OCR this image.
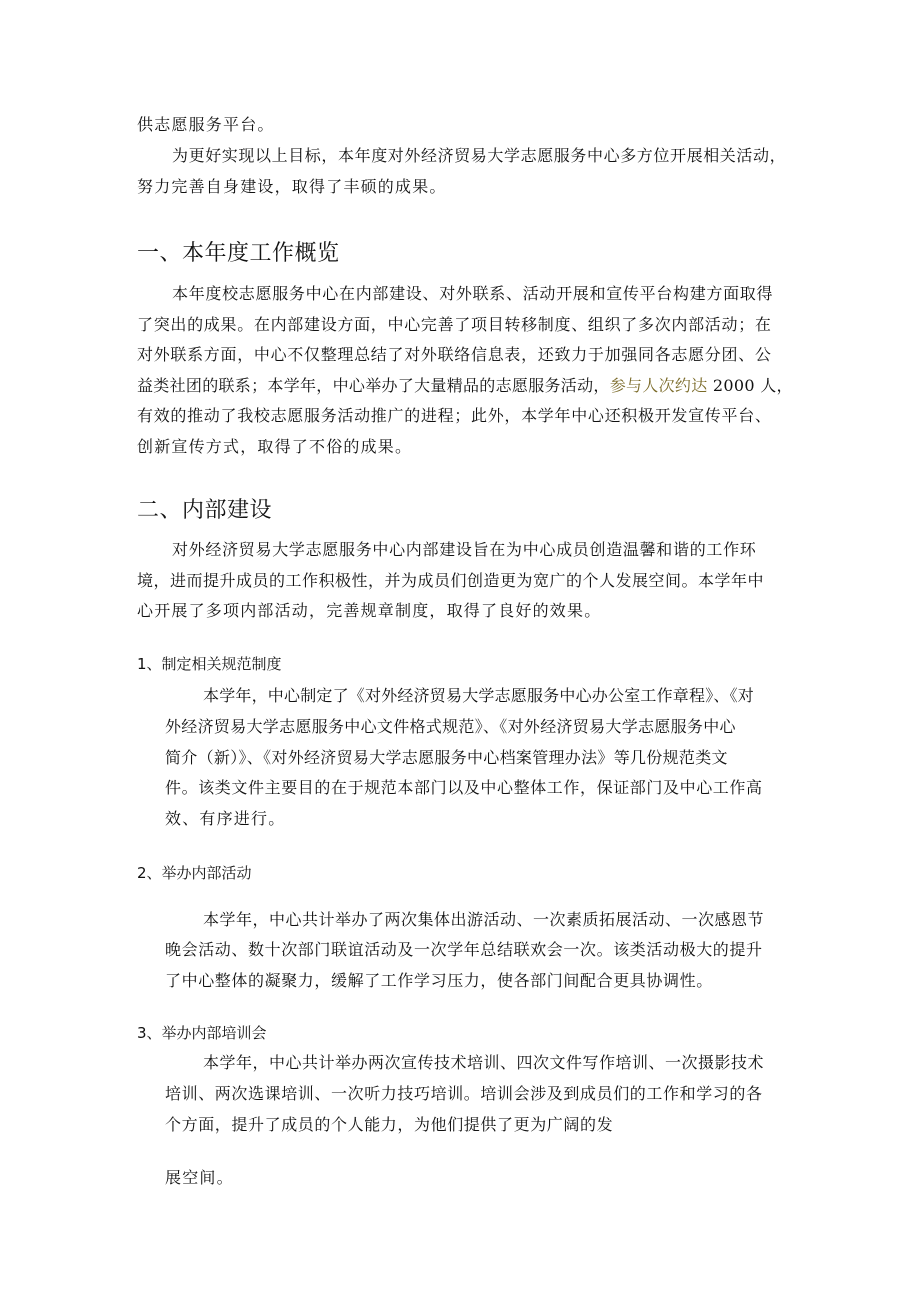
供志愿服务平台。
为更好实现以上目标，本年度对外经济贸易大学志愿服务中心多方位开展相关活动，
努力完善自身建设，取得了丰硕的成果。
一、本年度工作概览
本年度校志愿服务中心在内部建设、对外联系、活动开展和宣传平台构建方面取得
了突出的成果。在内部建设方面，中心完善了项目转移制度、组织了多次内部活动；在
对外联系方面，中心不仅整理总结了对外联络信息表，还致力于加强同各志愿分团、公
益类社团的联系；本学年，中心举办了大量精品的志愿服务活动，参与人次约达 2000 人，
有效的推动了我校志愿服务活动推广的进程；此外，本学年中心还积极开发宣传平台、
创新宣传方式，取得了不俗的成果。
二、内部建设
对外经济贸易大学志愿服务中心内部建设旨在为中心成员创造温馨和谐的工作环
境，进而提升成员的工作积极性，并为成员们创造更为宽广的个人发展空间。本学年中
心开展了多项内部活动，完善规章制度，取得了良好的效果。
1、制定相关规范制度
本学年，中心制定了《对外经济贸易大学志愿服务中心办公室工作章程》、《对
外经济贸易大学志愿服务中心文件格式规范》、《对外经济贸易大学志愿服务中心
简介（新）》、《对外经济贸易大学志愿服务中心档案管理办法》等几份规范类文
件。该类文件主要目的在于规范本部门以及中心整体工作，保证部门及中心工作高
效、有序进行。
2、举办内部活动
本学年，中心共计举办了两次集体出游活动、一次素质拓展活动、一次感恩节
晚会活动、数十次部门联谊活动及一次学年总结联欢会一次。该类活动极大的提升
了中心整体的凝聚力，缓解了工作学习压力，使各部门间配合更具协调性。
3、举办内部培训会
本学年，中心共计举办两次宣传技术培训、四次文件写作培训、一次摄影技术
培训、两次选课培训、一次听力技巧培训。培训会涉及到成员们的工作和学习的各
个方面，提升了成员的个人能力，为他们提供了更为广阔的发
展空间。
